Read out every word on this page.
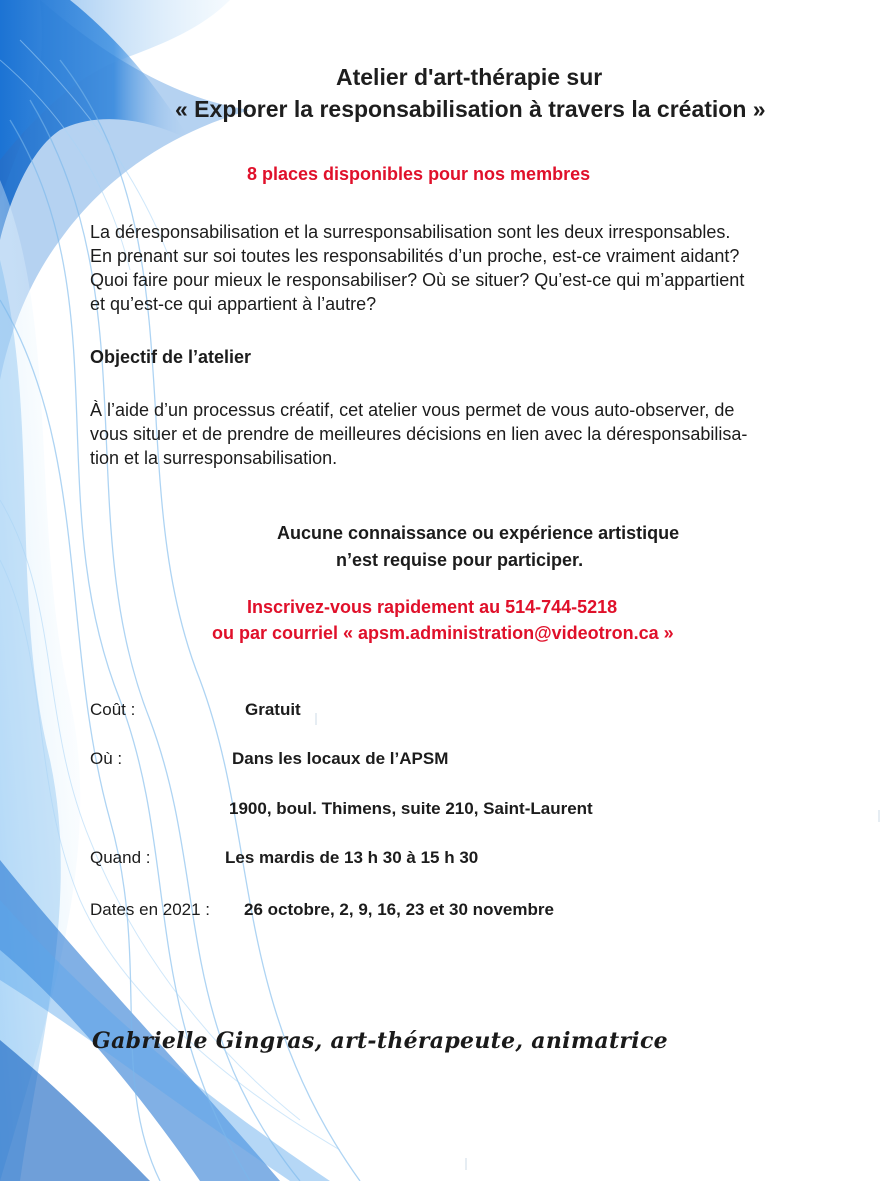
Atelier d'art-thérapie sur
« Explorer la responsabilisation à travers la création »
8 places disponibles pour nos membres
La déresponsabilisation et la surresponsabilisation sont les deux irresponsables.
En prenant sur soi toutes les responsabilités d’un proche, est-ce vraiment aidant?
Quoi faire pour mieux le responsabiliser? Où se situer? Qu’est-ce qui m’appartient
et qu’est-ce qui appartient à l’autre?
Objectif de l’atelier
À l’aide d’un processus créatif, cet atelier vous permet de vous auto-observer, de
vous situer et de prendre de meilleures décisions en lien avec la déresponsabilisa-
tion et la surresponsabilisation.
Aucune connaissance ou expérience artistique
n’est requise pour participer.
Inscrivez-vous rapidement au 514-744-5218
ou par courriel « apsm.administration@videotron.ca »
Coût :	Gratuit
Où :	Dans les locaux de l’APSM
1900, boul. Thimens, suite 210, Saint-Laurent
Quand :	Les mardis de 13 h 30 à 15 h 30
Dates en 2021 : 26 octobre, 2, 9, 16, 23 et 30 novembre
Gabrielle Gingras, art-thérapeute, animatrice
